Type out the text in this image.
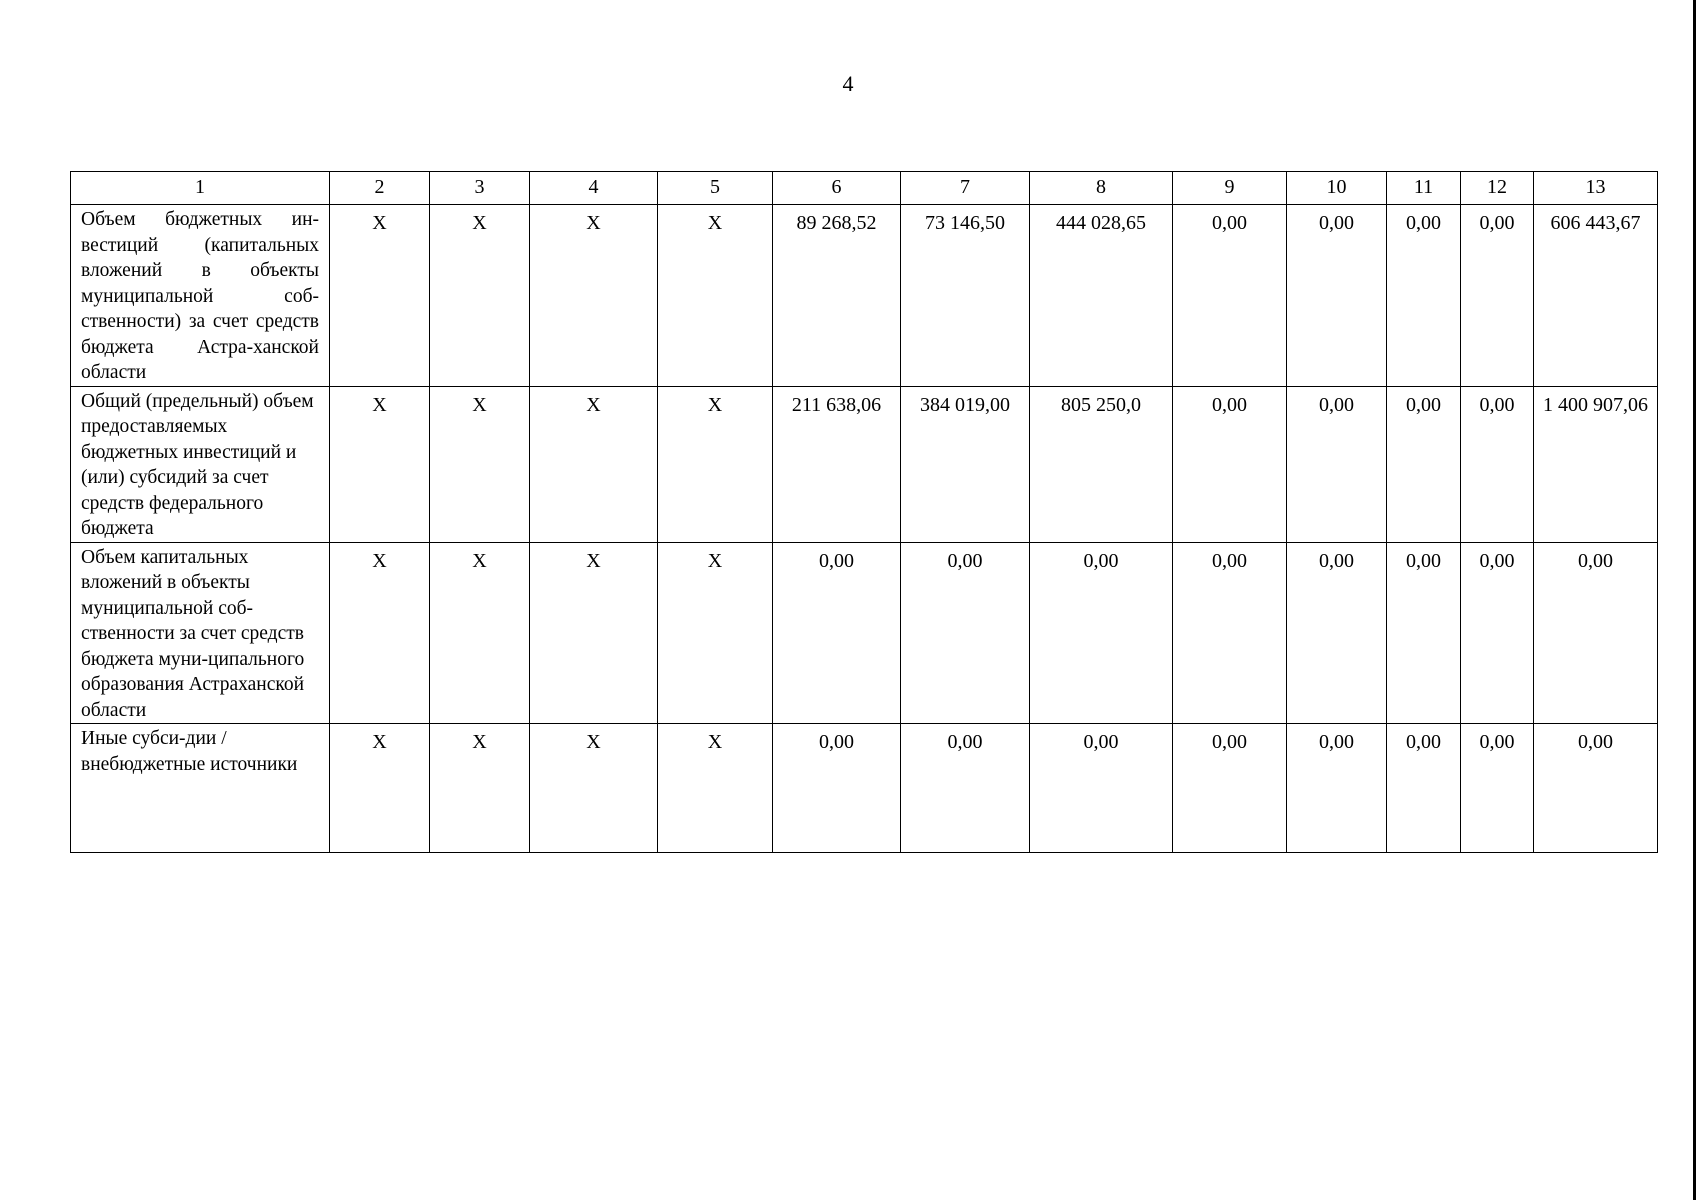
4
1	2	3	4	5	6	7	8	9	10	11	12	13
Объем бюджетных ин-вестиций (капитальных вложений в объекты муниципальной соб-ственности) за счет средств бюджета Астра-ханской области	X	X	X	X	89 268,52	73 146,50	444 028,65	0,00	0,00	0,00	0,00	606 443,67
Общий (предельный) объем предоставляемых бюджетных инвестиций и (или) субсидий за счет средств федерального бюджета	X	X	X	X	211 638,06	384 019,00	805 250,0	0,00	0,00	0,00	0,00	1 400 907,06
Объем капитальных вложений в объекты муниципальной соб-ственности за счет средств бюджета муни-ципального образования Астраханской области	X	X	X	X	0,00	0,00	0,00	0,00	0,00	0,00	0,00	0,00
Иные субси-дии / внебюджетные источники	X	X	X	X	0,00	0,00	0,00	0,00	0,00	0,00	0,00	0,00
